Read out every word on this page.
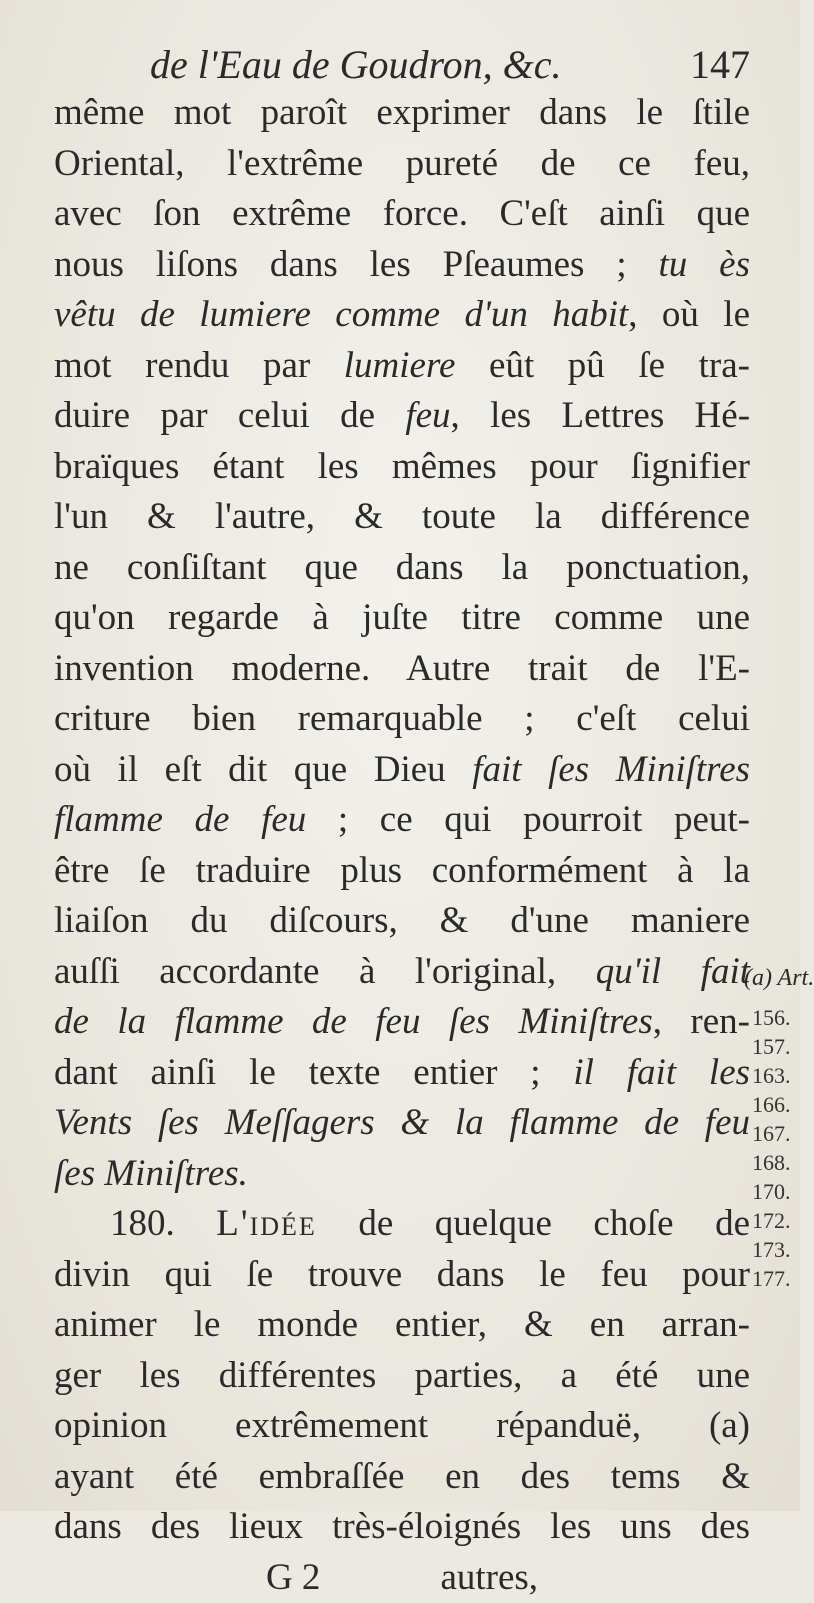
de l'Eau de Goudron, &c.	147
même mot paroît exprimer dans le ſtile
Oriental, l'extrême pureté de ce feu,
avec ſon extrême force. C'eſt ainſi que
nous liſons dans les Pſeaumes ; tu ès
vêtu de lumiere comme d'un habit, où le
mot rendu par lumiere eût pû ſe tra-
duire par celui de feu, les Lettres Hé-
braïques étant les mêmes pour ſignifier
l'un & l'autre, & toute la différence
ne conſiſtant que dans la ponctuation,
qu'on regarde à juſte titre comme une
invention moderne. Autre trait de l'E-
criture bien remarquable ; c'eſt celui
où il eſt dit que Dieu fait ſes Miniſtres
flamme de feu ; ce qui pourroit peut-
être ſe traduire plus conformément à la
liaiſon du diſcours, & d'une maniere
auſſi accordante à l'original, qu'il fait
de la flamme de feu ſes Miniſtres, ren-
dant ainſi le texte entier ; il fait les
Vents ſes Meſſagers & la flamme de feu
ſes Miniſtres.
180. L'idée de quelque choſe de
divin qui ſe trouve dans le feu pour
animer le monde entier, & en arran-
ger les différentes parties, a été une
opinion extrêmement répanduë, (a)
ayant été embraſſée en des tems &
dans des lieux très-éloignés les uns des
G 2	autres,
(a) Art.
156.
157.
163.
166.
167.
168.
170.
172.
173.
177.
